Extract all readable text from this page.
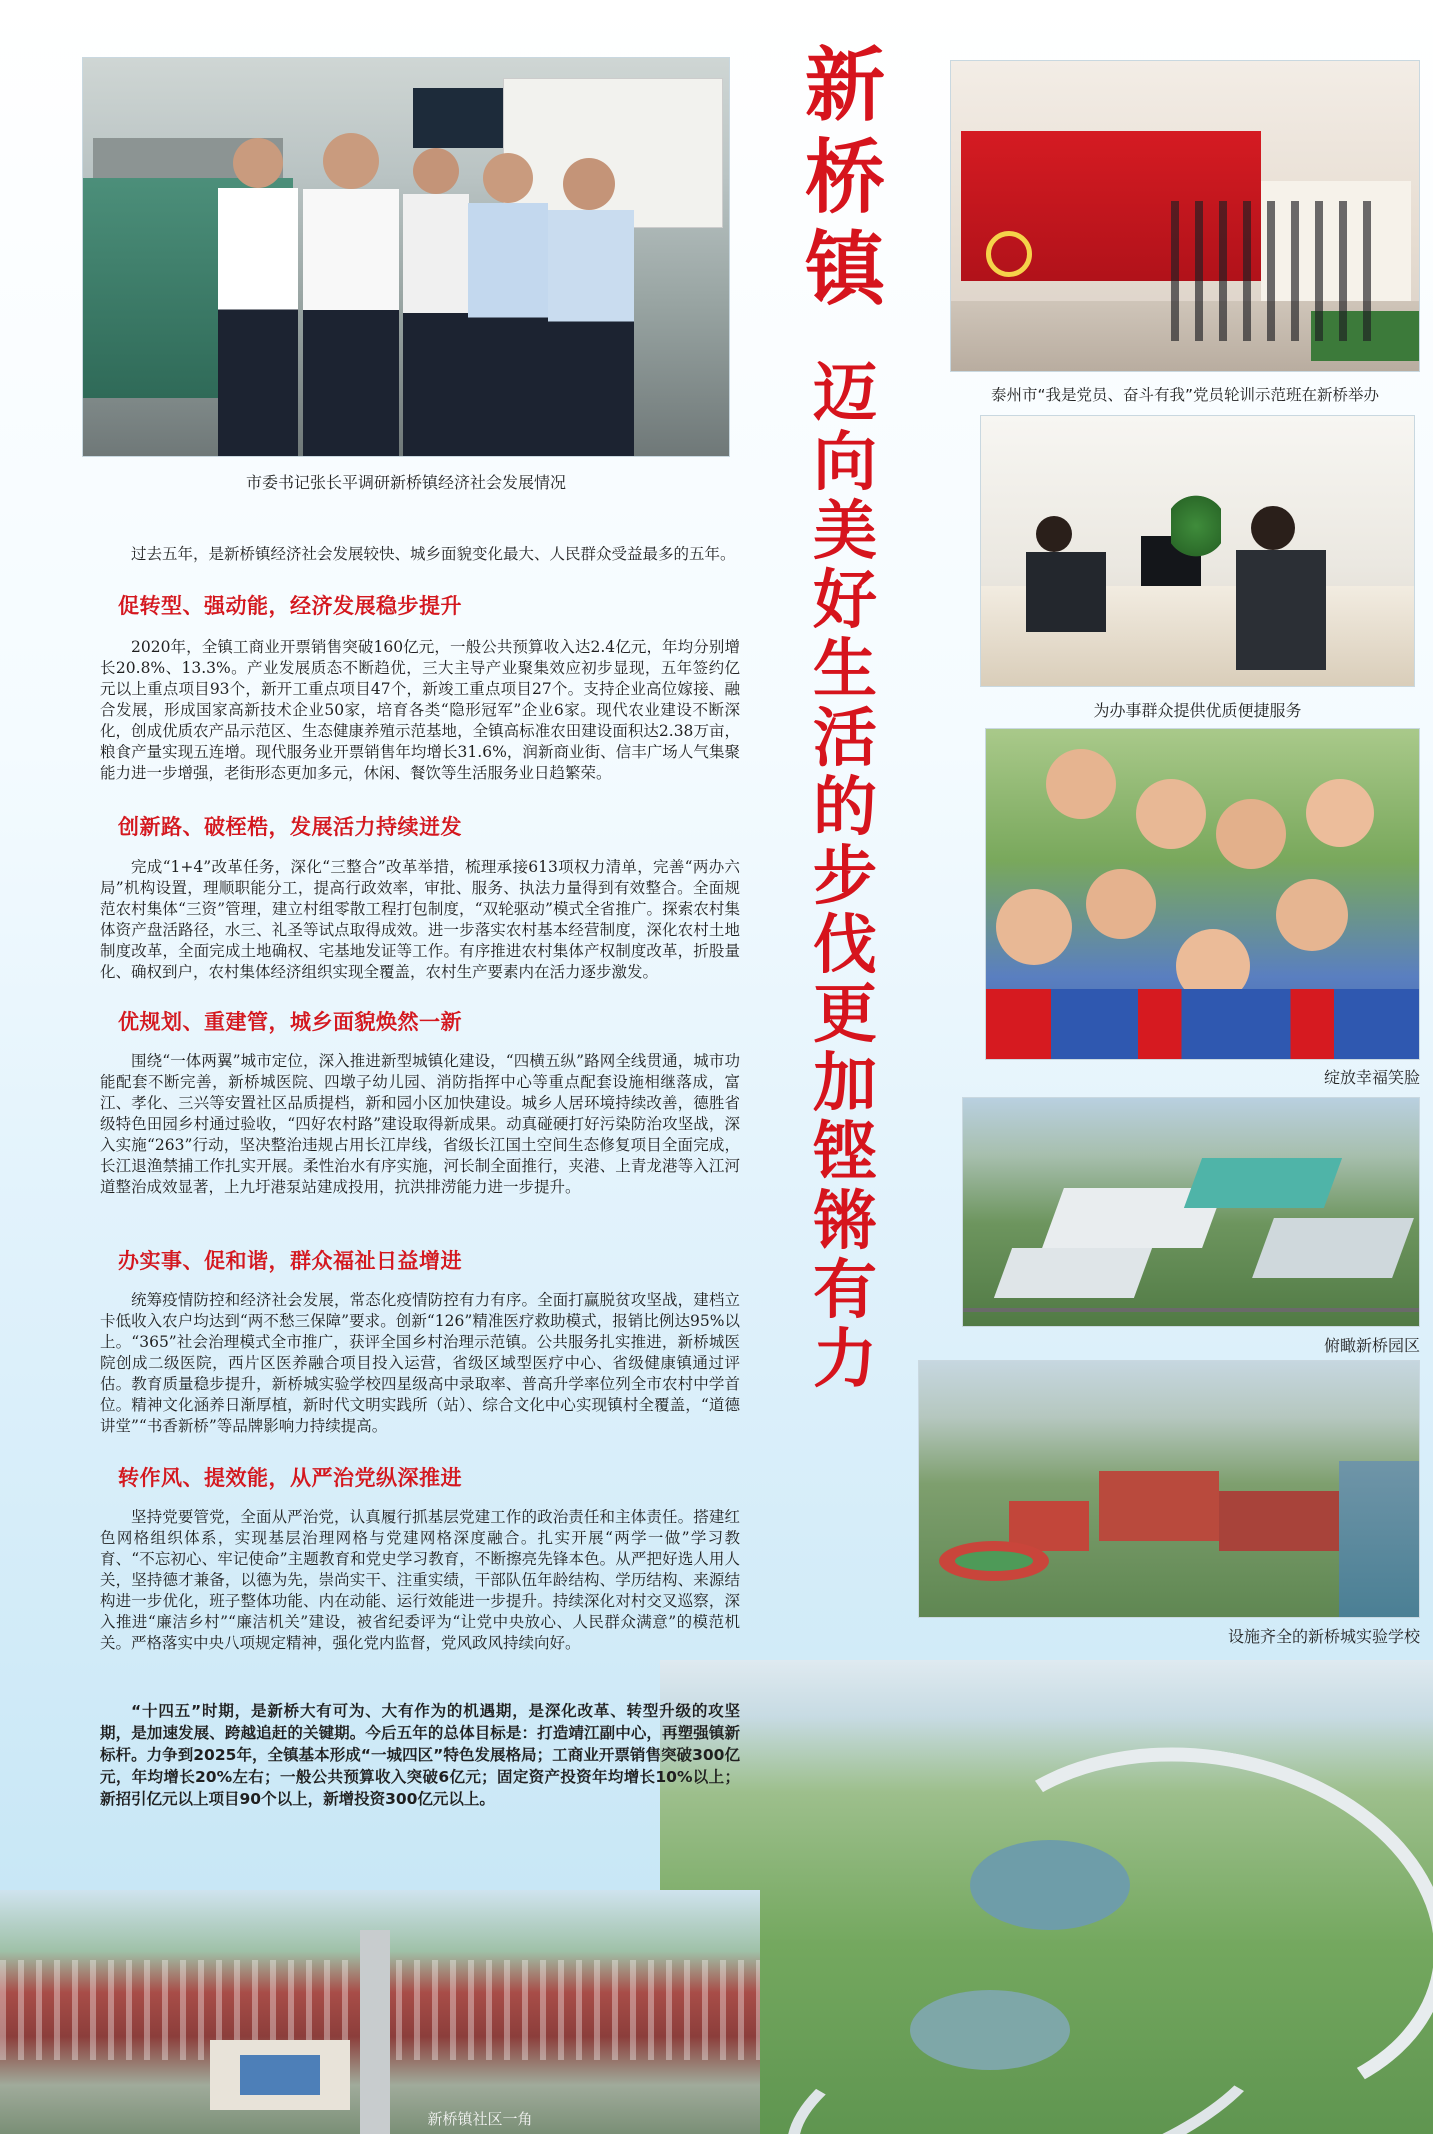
新桥镇
迈向美好生活的步伐更加铿锵有力
市委书记张长平调研新桥镇经济社会发展情况
泰州市“我是党员、奋斗有我”党员轮训示范班在新桥举办
为办事群众提供优质便捷服务
绽放幸福笑脸
俯瞰新桥园区
设施齐全的新桥城实验学校
新桥镇社区一角
过去五年，是新桥镇经济社会发展较快、城乡面貌变化最大、人民群众受益最多的五年。
促转型、强动能，经济发展稳步提升
2020年，全镇工商业开票销售突破160亿元，一般公共预算收入达2.4亿元，年均分别增长20.8%、13.3%。产业发展质态不断趋优，三大主导产业聚集效应初步显现，五年签约亿元以上重点项目93个，新开工重点项目47个，新竣工重点项目27个。支持企业高位嫁接、融合发展，形成国家高新技术企业50家，培育各类“隐形冠军”企业6家。现代农业建设不断深化，创成优质农产品示范区、生态健康养殖示范基地，全镇高标准农田建设面积达2.38万亩，粮食产量实现五连增。现代服务业开票销售年均增长31.6%，润新商业街、信丰广场人气集聚能力进一步增强，老街形态更加多元，休闲、餐饮等生活服务业日趋繁荣。
创新路、破桎梏，发展活力持续迸发
完成“1+4”改革任务，深化“三整合”改革举措，梳理承接613项权力清单，完善“两办六局”机构设置，理顺职能分工，提高行政效率，审批、服务、执法力量得到有效整合。全面规范农村集体“三资”管理，建立村组零散工程打包制度，“双轮驱动”模式全省推广。探索农村集体资产盘活路径，水三、礼圣等试点取得成效。进一步落实农村基本经营制度，深化农村土地制度改革，全面完成土地确权、宅基地发证等工作。有序推进农村集体产权制度改革，折股量化、确权到户，农村集体经济组织实现全覆盖，农村生产要素内在活力逐步激发。
优规划、重建管，城乡面貌焕然一新
围绕“一体两翼”城市定位，深入推进新型城镇化建设，“四横五纵”路网全线贯通，城市功能配套不断完善，新桥城医院、四墩子幼儿园、消防指挥中心等重点配套设施相继落成，富江、孝化、三兴等安置社区品质提档，新和园小区加快建设。城乡人居环境持续改善，德胜省级特色田园乡村通过验收，“四好农村路”建设取得新成果。动真碰硬打好污染防治攻坚战，深入实施“263”行动，坚决整治违规占用长江岸线，省级长江国土空间生态修复项目全面完成，长江退渔禁捕工作扎实开展。柔性治水有序实施，河长制全面推行，夹港、上青龙港等入江河道整治成效显著，上九圩港泵站建成投用，抗洪排涝能力进一步提升。
办实事、促和谐，群众福祉日益增进
统筹疫情防控和经济社会发展，常态化疫情防控有力有序。全面打赢脱贫攻坚战，建档立卡低收入农户均达到“两不愁三保障”要求。创新“126”精准医疗救助模式，报销比例达95%以上。“365”社会治理模式全市推广，获评全国乡村治理示范镇。公共服务扎实推进，新桥城医院创成二级医院，西片区医养融合项目投入运营，省级区域型医疗中心、省级健康镇通过评估。教育质量稳步提升，新桥城实验学校四星级高中录取率、普高升学率位列全市农村中学首位。精神文化涵养日渐厚植，新时代文明实践所（站）、综合文化中心实现镇村全覆盖，“道德讲堂”“书香新桥”等品牌影响力持续提高。
转作风、提效能，从严治党纵深推进
坚持党要管党，全面从严治党，认真履行抓基层党建工作的政治责任和主体责任。搭建红色网格组织体系，实现基层治理网格与党建网格深度融合。扎实开展“两学一做”学习教育、“不忘初心、牢记使命”主题教育和党史学习教育，不断擦亮先锋本色。从严把好选人用人关，坚持德才兼备，以德为先，崇尚实干、注重实绩，干部队伍年龄结构、学历结构、来源结构进一步优化，班子整体功能、内在动能、运行效能进一步提升。持续深化对村交叉巡察，深入推进“廉洁乡村”“廉洁机关”建设，被省纪委评为“让党中央放心、人民群众满意”的模范机关。严格落实中央八项规定精神，强化党内监督，党风政风持续向好。
“十四五”时期，是新桥大有可为、大有作为的机遇期，是深化改革、转型升级的攻坚期，是加速发展、跨越追赶的关键期。今后五年的总体目标是：打造靖江副中心，再塑强镇新标杆。力争到2025年，全镇基本形成“一城四区”特色发展格局；工商业开票销售突破300亿元，年均增长20%左右；一般公共预算收入突破6亿元；固定资产投资年均增长10%以上；新招引亿元以上项目90个以上，新增投资300亿元以上。
